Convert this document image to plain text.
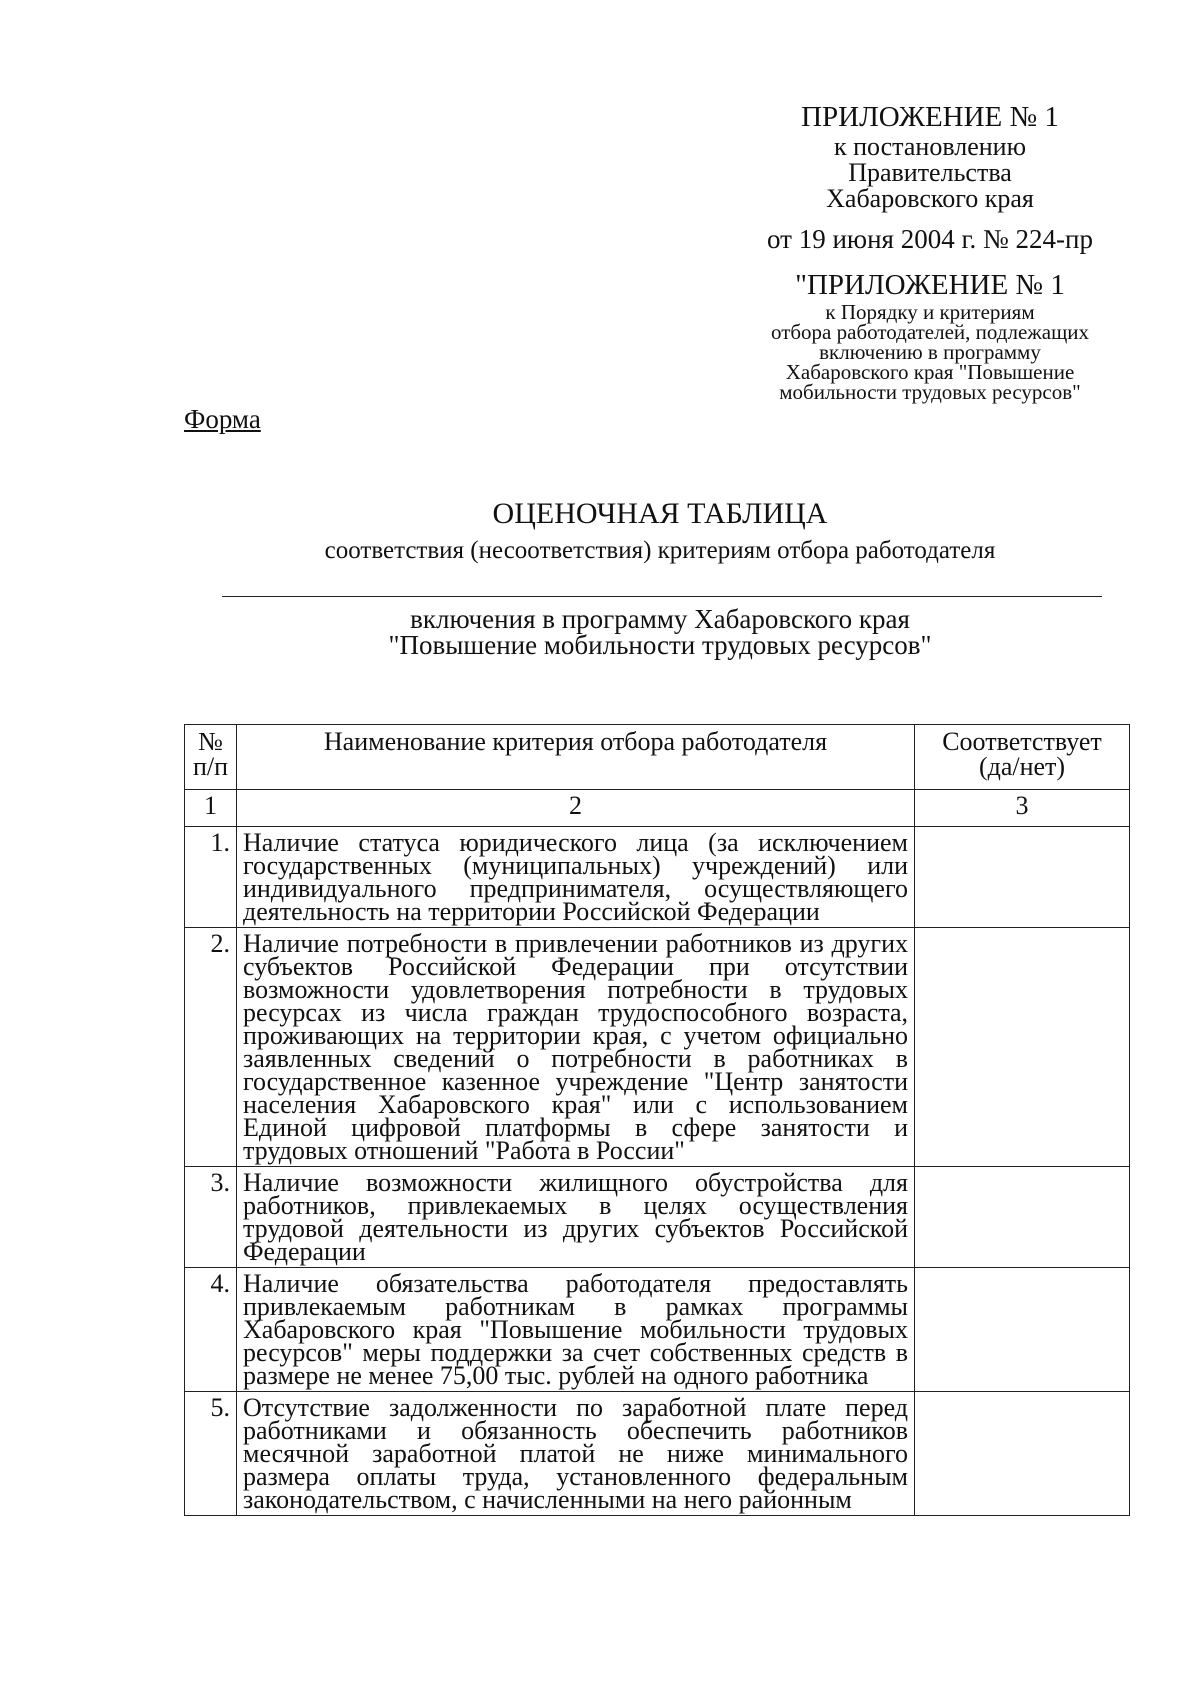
ПРИЛОЖЕНИЕ № 1
к постановлению
Правительства
Хабаровского края
от 19 июня 2004 г. № 224-пр
"ПРИЛОЖЕНИЕ № 1
к Порядку и критериям
отбора работодателей, подлежащих
включению в программу
Хабаровского края "Повышение
мобильности трудовых ресурсов"
Форма
ОЦЕНОЧНАЯ ТАБЛИЦА
соответствия (несоответствия) критериям отбора работодателя
включения в программу Хабаровского края
"Повышение мобильности трудовых ресурсов"
№ п/п	Наименование критерия отбора работодателя	Соответствует (да/нет)
1	2	3
1.	Наличие статуса юридического лица (за исключением государственных (муниципальных) учреждений) или индивидуального предпринимателя, осуществляющего деятельность на территории Российской Федерации	
2.	Наличие потребности в привлечении работников из других субъектов Российской Федерации при отсутствии возможности удовлетворения потребности в трудовых ресурсах из числа граждан трудоспособного возраста, проживающих на территории края, с учетом официально заявленных сведений о потребности в работниках в государственное казенное учреждение "Центр занятости населения Хабаровского края" или с использованием Единой цифровой платформы в сфере занятости и трудовых отношений "Работа в России"	
3.	Наличие возможности жилищного обустройства для работников, привлекаемых в целях осуществления трудовой деятельности из других субъектов Российской Федерации	
4.	Наличие обязательства работодателя предоставлять привлекаемым работникам в рамках программы Хабаровского края "Повышение мобильности трудовых ресурсов" меры поддержки за счет собственных средств в размере не менее 75,00 тыс. рублей на одного работника	
5.	Отсутствие задолженности по заработной плате перед работниками и обязанность обеспечить работников месячной заработной платой не ниже минимального размера оплаты труда, установленного федеральным законодательством, с начисленными на него районным	
